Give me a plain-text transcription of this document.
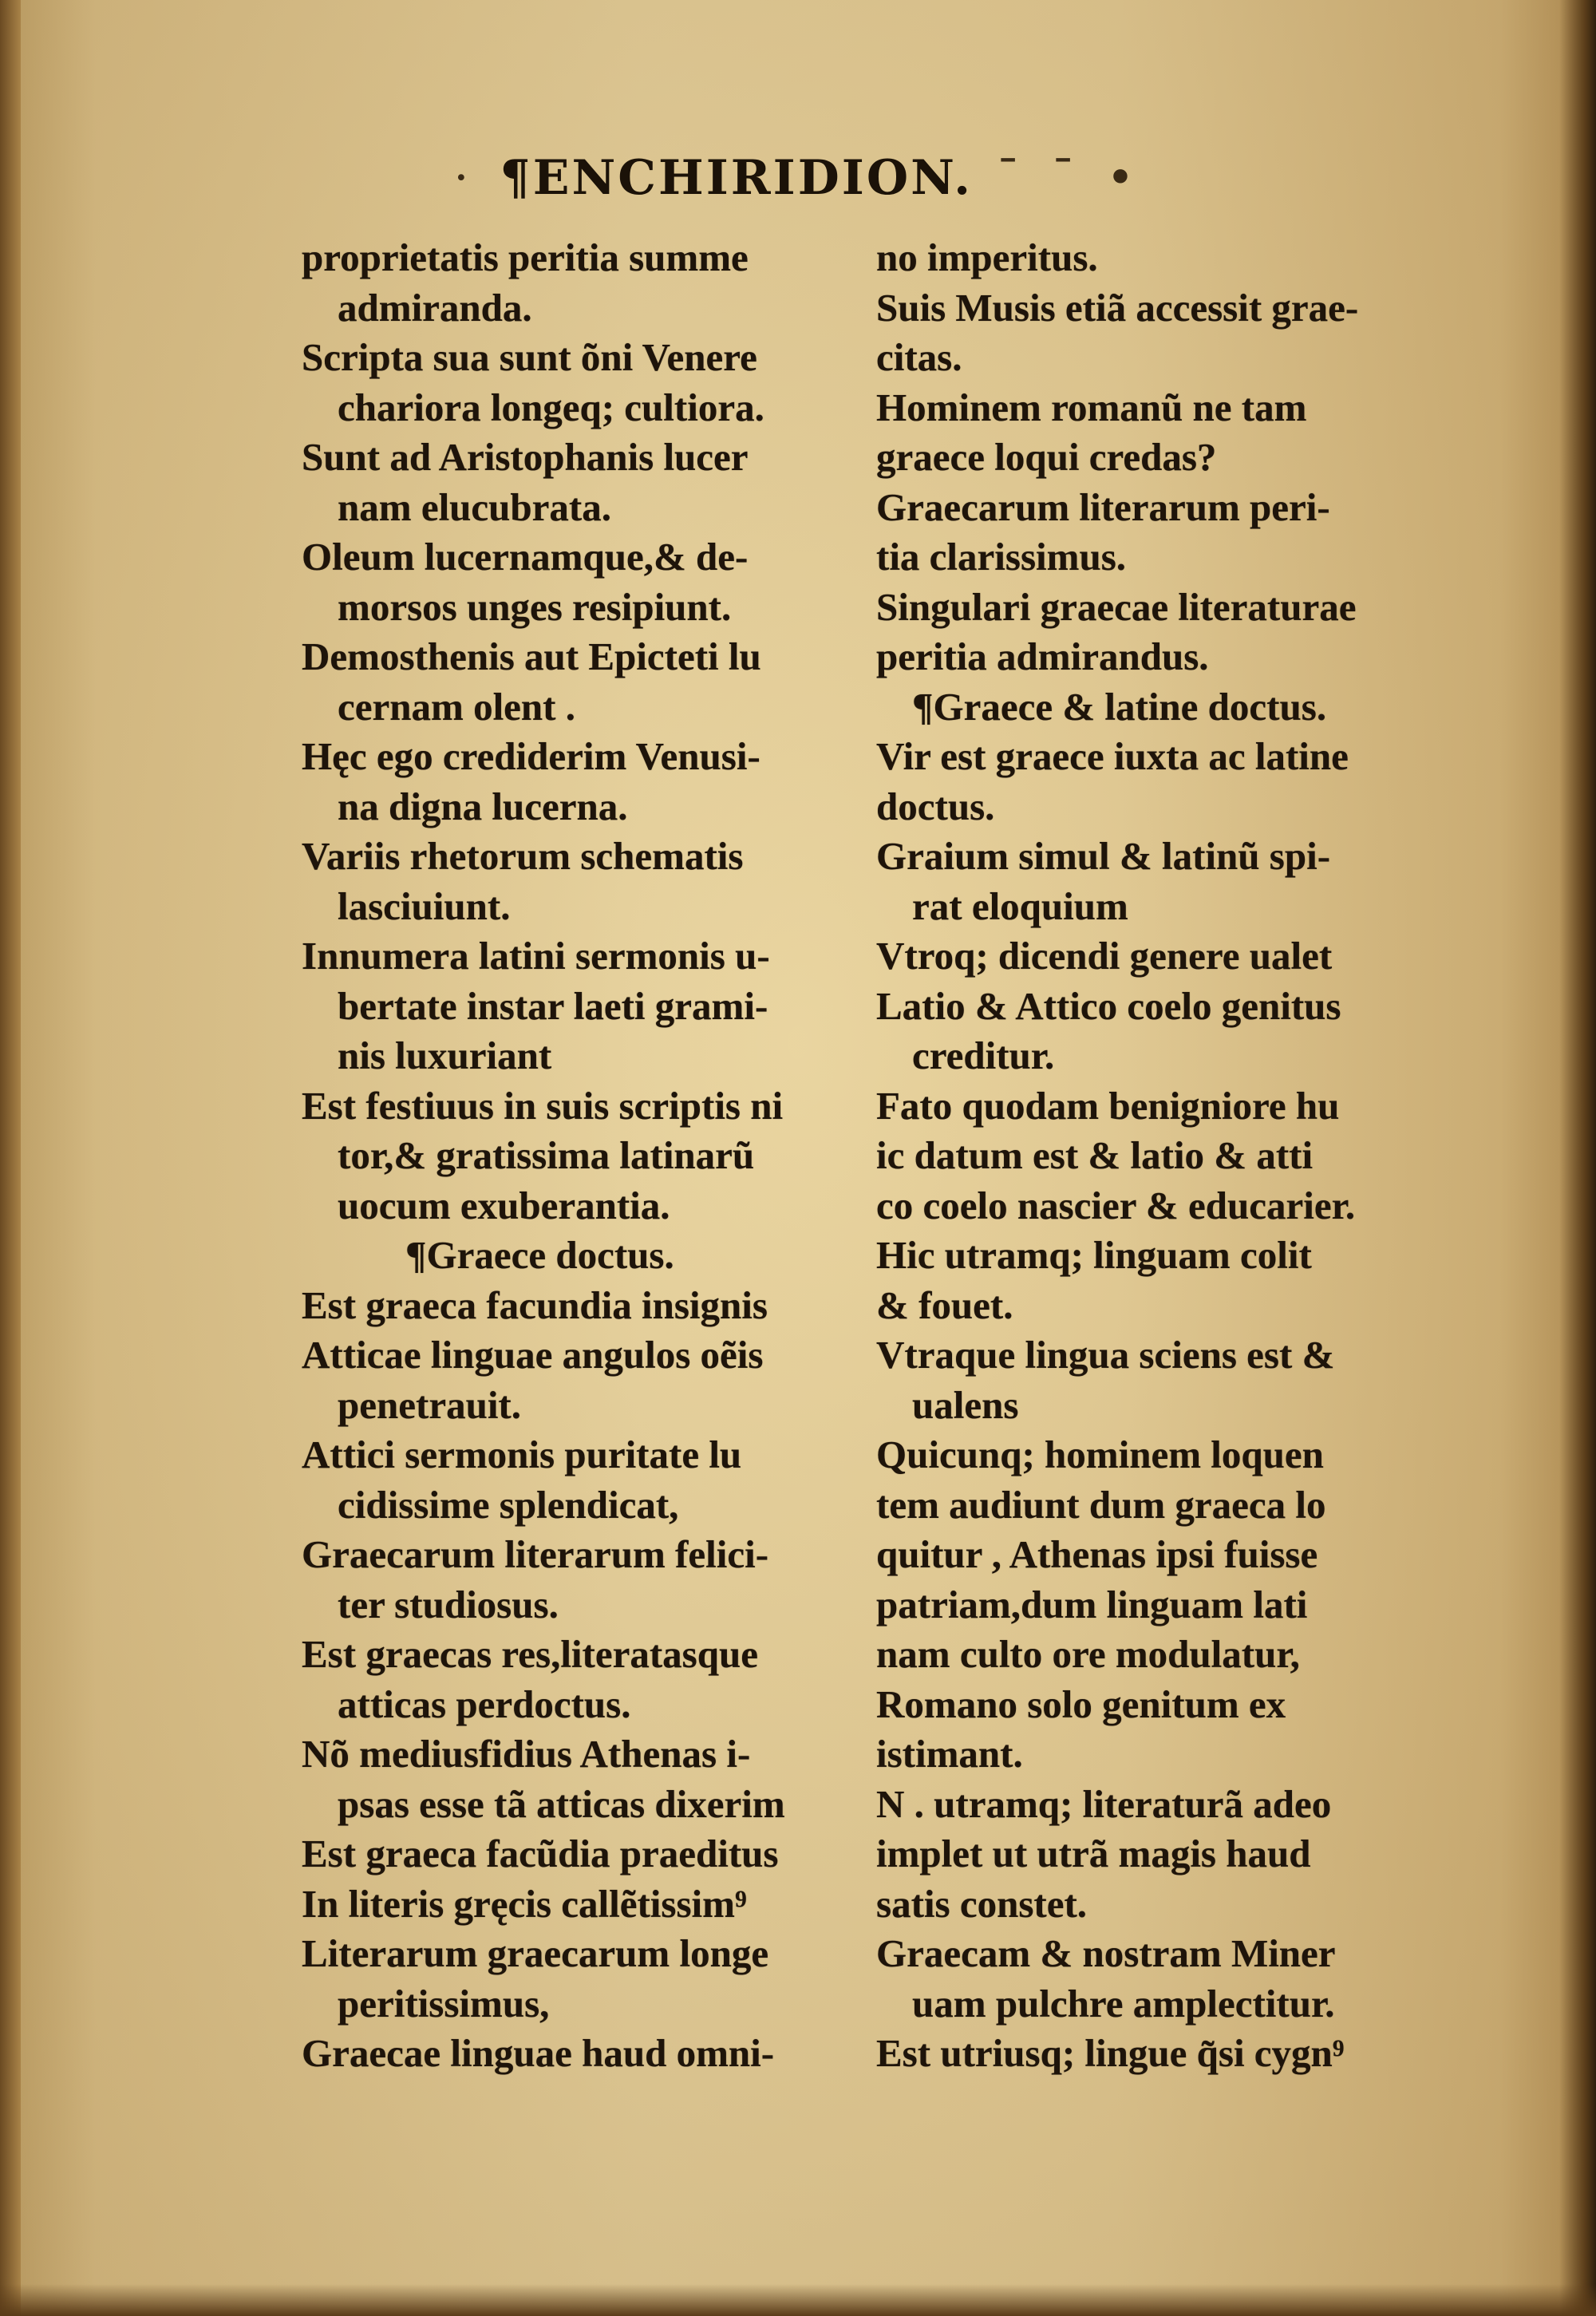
· ¶ENCHIRIDION. ˉ ˉ •
proprietatis peritia summe
admiranda.
Scripta sua sunt õni Venere
chariora longeq; cultiora.
Sunt ad Aristophanis lucer
nam elucubrata.
Oleum lucernamque,& de-
morsos unges resipiunt.
Demosthenis aut Epicteti lu
cernam olent .
Hęc ego crediderim Venusi-
na digna lucerna.
Variis rhetorum schematis
lasciuiunt.
Innumera latini sermonis u-
bertate instar laeti grami-
nis luxuriant
Est festiuus in suis scriptis ni
tor,& gratissima latinarũ
uocum exuberantia.
¶Graece doctus.
Est graeca facundia insignis
Atticae linguae angulos oẽis
penetrauit.
Attici sermonis puritate lu
cidissime splendicat,
Graecarum literarum felici-
ter studiosus.
Est graecas res,literatasque
atticas perdoctus.
Nõ mediusfidius Athenas i-
psas esse tã atticas dixerim
Est graeca facũdia praeditus
In literis gręcis callẽtissim⁹
Literarum graecarum longe
peritissimus,
Graecae linguae haud omni-
no imperitus.
Suis Musis etiã accessit grae-
citas.
Hominem romanũ ne tam
graece loqui credas?
Graecarum literarum peri-
tia clarissimus.
Singulari graecae literaturae
peritia admirandus.
¶Graece & latine doctus.
Vir est graece iuxta ac latine
doctus.
Graium simul & latinũ spi-
rat eloquium
Vtroq; dicendi genere ualet
Latio & Attico coelo genitus
creditur.
Fato quodam benigniore hu
ic datum est & latio & atti
co coelo nascier & educarier.
Hic utramq; linguam colit
& fouet.
Vtraque lingua sciens est &
ualens
Quicunq; hominem loquen
tem audiunt dum graeca lo
quitur , Athenas ipsi fuisse
patriam,dum linguam lati
nam culto ore modulatur,
Romano solo genitum ex
istimant.
N . utramq; literaturã adeo
implet ut utrã magis haud
satis constet.
Graecam & nostram Miner
uam pulchre amplectitur.
Est utriusq; lingue q̃si cygn⁹
